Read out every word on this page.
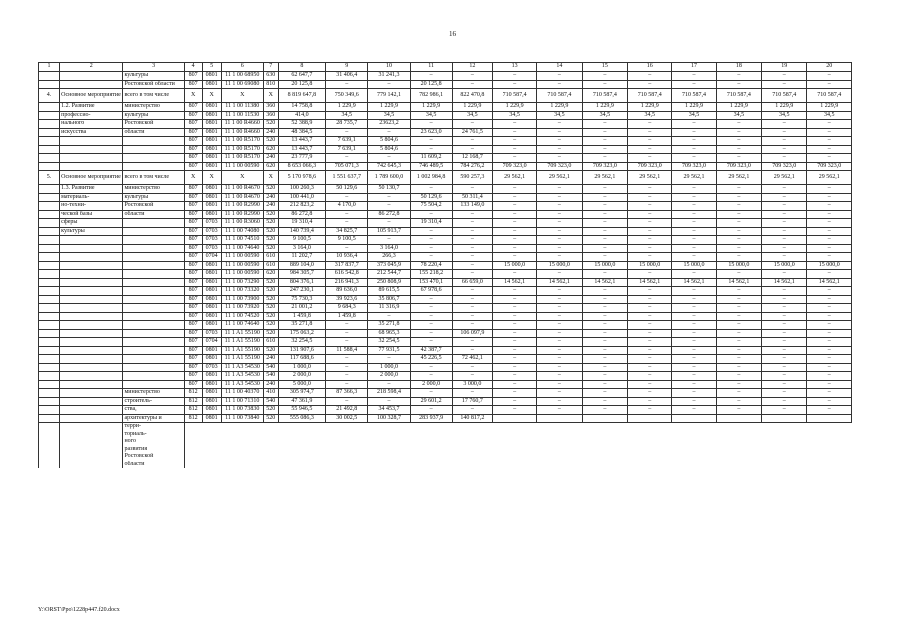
16
1	2	3	4	5	6	7	8	9	10	11	12	13	14	15	16	17	18	19	20
		культуры	807	0801	11 1 00 68950	630	62 647,7	31 406,4	31 241,3	–	–	–	–	–	–	–	–	–	–
		Ростовской области	807	0801	11 1 00 69080	810	20 125,8	–	–	20 125,8	–	–	–	–	–	–	–	–	–
4.	Основное мероприятие	всего в том числе	X	X	X	X	8 819 647,8	750 349,6	779 142,1	782 986,1	822 470,8	710 587,4	710 587,4	710 587,4	710 587,4	710 587,4	710 587,4	710 587,4	710 587,4
	1.2. Развитие	министерство	807	0801	11 1 00 11380	360	14 758,8	1 229,9	1 229,9	1 229,9	1 229,9	1 229,9	1 229,9	1 229,9	1 229,9	1 229,9	1 229,9	1 229,9	1 229,9
	профессио-	культуры	807	0801	11 1 00 11530	360	414,0	34,5	34,5	34,5	34,5	34,5	34,5	34,5	34,5	34,5	34,5	34,5	34,5
	нального	Ростовской	807	0801	11 1 00 R4660	520	52 388,9	28 735,7	23623,2	–	–	–	–	–	–	–	–	–	–
	искусства	области	807	0801	11 1 00 R4660	240	48 384,5	–	–	23 623,0	24 761,5	–	–	–	–	–	–	–	–
			807	0801	11 1 00 R5170	520	13 443,7	7 639,1	5 804,6	–	–	–	–	–	–	–	–	–	–
			807	0801	11 1 00 R5170	620	13 443,7	7 639,1	5 804,6	–	–	–	–	–	–	–	–	–	–
			807	0801	11 1 00 R5170	240	23 777,9	–	–	11 609,2	12 168,7	–	–	–	–	–	–	–	–
			807	0801	11 1 00 00590	620	8 653 066,3	705 071,3	742 645,3	746 489,5	784 276,2	709 323,0	709 323,0	709 323,0	709 323,0	709 323,0	709 323,0	709 323,0	709 323,0
5.	Основное мероприятие	всего в том числе	X	X	X	X	5 170 978,6	1 551 637,7	1 789 600,0	1 002 984,8	590 257,3	29 562,1	29 562,1	29 562,1	29 562,1	29 562,1	29 562,1	29 562,1	29 562,1
	1.3. Развитие	министерство	807	0801	11 1 00 R4670	520	100 260,3	50 129,6	50 130,7	–	–	–	–	–	–	–	–	–	–
	материаль-	культуры	807	0801	11 1 00 R4670	240	100 441,0	–	–	50 129,6	50 311,4	–	–	–	–	–	–	–	–
	но-техни-	Ростовской	807	0801	11 1 00 R2990	240	212 823,2	4 170,0	–	75 504,2	133 149,0	–	–	–	–	–	–	–	–
	ческой базы	области	807	0801	11 1 00 R2990	520	86 272,8	–	86 272,8	–	–	–	–	–	–	–	–	–	–
	сферы		807	0703	11 1 00 R3060	520	19 310,4	–	–	19 310,4	–	–	–	–	–	–	–	–	–
	культуры		807	0703	11 1 00 74080	520	140 739,4	34 825,7	105 913,7	–	–	–	–	–	–	–	–	–	–
			807	0703	11 1 00 74510	520	9 100,5	9 100,5	–	–	–	–	–	–	–	–	–	–	–
			807	0703	11 1 00 74640	520	3 164,0	–	3 164,0	–	–	–	–	–	–	–	–	–	–
			807	0704	11 1 00 00590	610	11 202,7	10 936,4	266,3	–	–	–	–	–	–	–	–	–	–
			807	0801	11 1 00 00590	610	889 104,0	317 837,7	373 045,9	78 220,4	–	15 000,0	15 000,0	15 000,0	15 000,0	15 000,0	15 000,0	15 000,0	15 000,0
			807	0801	11 1 00 00590	620	984 305,7	616 542,8	212 544,7	155 218,2	–	–	–	–	–	–	–	–	–
			807	0801	11 1 00 73290	520	804 376,1	216 941,3	250 808,9	153 470,1	66 659,0	14 562,1	14 562,1	14 562,1	14 562,1	14 562,1	14 562,1	14 562,1	14 562,1
			807	0801	11 1 00 73320	520	247 230,1	89 636,0	89 615,5	67 978,6	–	–	–	–	–	–	–	–	–
			807	0801	11 1 00 73900	520	75 730,3	39 923,6	35 806,7	–	–	–	–	–	–	–	–	–	–
			807	0801	11 1 00 73920	520	21 001,2	9 684,3	11 316,9	–	–	–	–	–	–	–	–	–	–
			807	0801	11 1 00 74520	520	1 459,8	1 459,8	–	–	–	–	–	–	–	–	–	–	–
			807	0801	11 1 00 74640	520	35 271,8	–	35 271,8	–	–	–	–	–	–	–	–	–	–
			807	0703	11 1 A1 55190	520	175 063,2	–	68 965,3	–	106 097,9	–	–	–	–	–	–	–	–
			807	0704	11 1 A1 55190	610	32 254,5	–	32 254,5	–	–	–	–	–	–	–	–	–	–
			807	0801	11 1 A1 55190	520	131 907,6	11 588,4	77 931,5	42 387,7	–	–	–	–	–	–	–	–	–
			807	0801	11 1 A1 55190	240	117 688,6	–	–	45 226,5	72 462,1	–	–	–	–	–	–	–	–
			807	0703	11 1 A3 54530	540	1 000,0	–	1 000,0	–	–	–	–	–	–	–	–	–	–
			807	0801	11 1 A3 54530	540	2 000,0	–	2 000,0	–	–	–	–	–	–	–	–	–	–
			807	0801	11 1 A3 54530	240	5 000,0	–	–	2 000,0	3 000,0	–	–	–	–	–	–	–	–
		министерство	812	0801	11 1 00 40370	410	305 974,7	87 366,3	218 598,4	–	–	–	–	–	–	–	–	–	–
		строитель-	812	0801	11 1 00 71310	540	47 361,9	–	–	29 601,2	17 760,7	–	–	–	–	–	–	–	–
		ства,	812	0801	11 1 00 73830	520	55 946,5	21 492,8	34 453,7	–	–	–	–	–	–	–	–	–	–
		архитектуры и	812	0801	11 1 00 73840	520	555 086,3	30 002,5	100 328,7	283 937,9	140 817,2								
		терри-																	
		ториаль-																	
		ного																	
		развития																	
		Ростовской																	
		области																	
Y:\ORST\Ppo\1228p447.f20.docx
